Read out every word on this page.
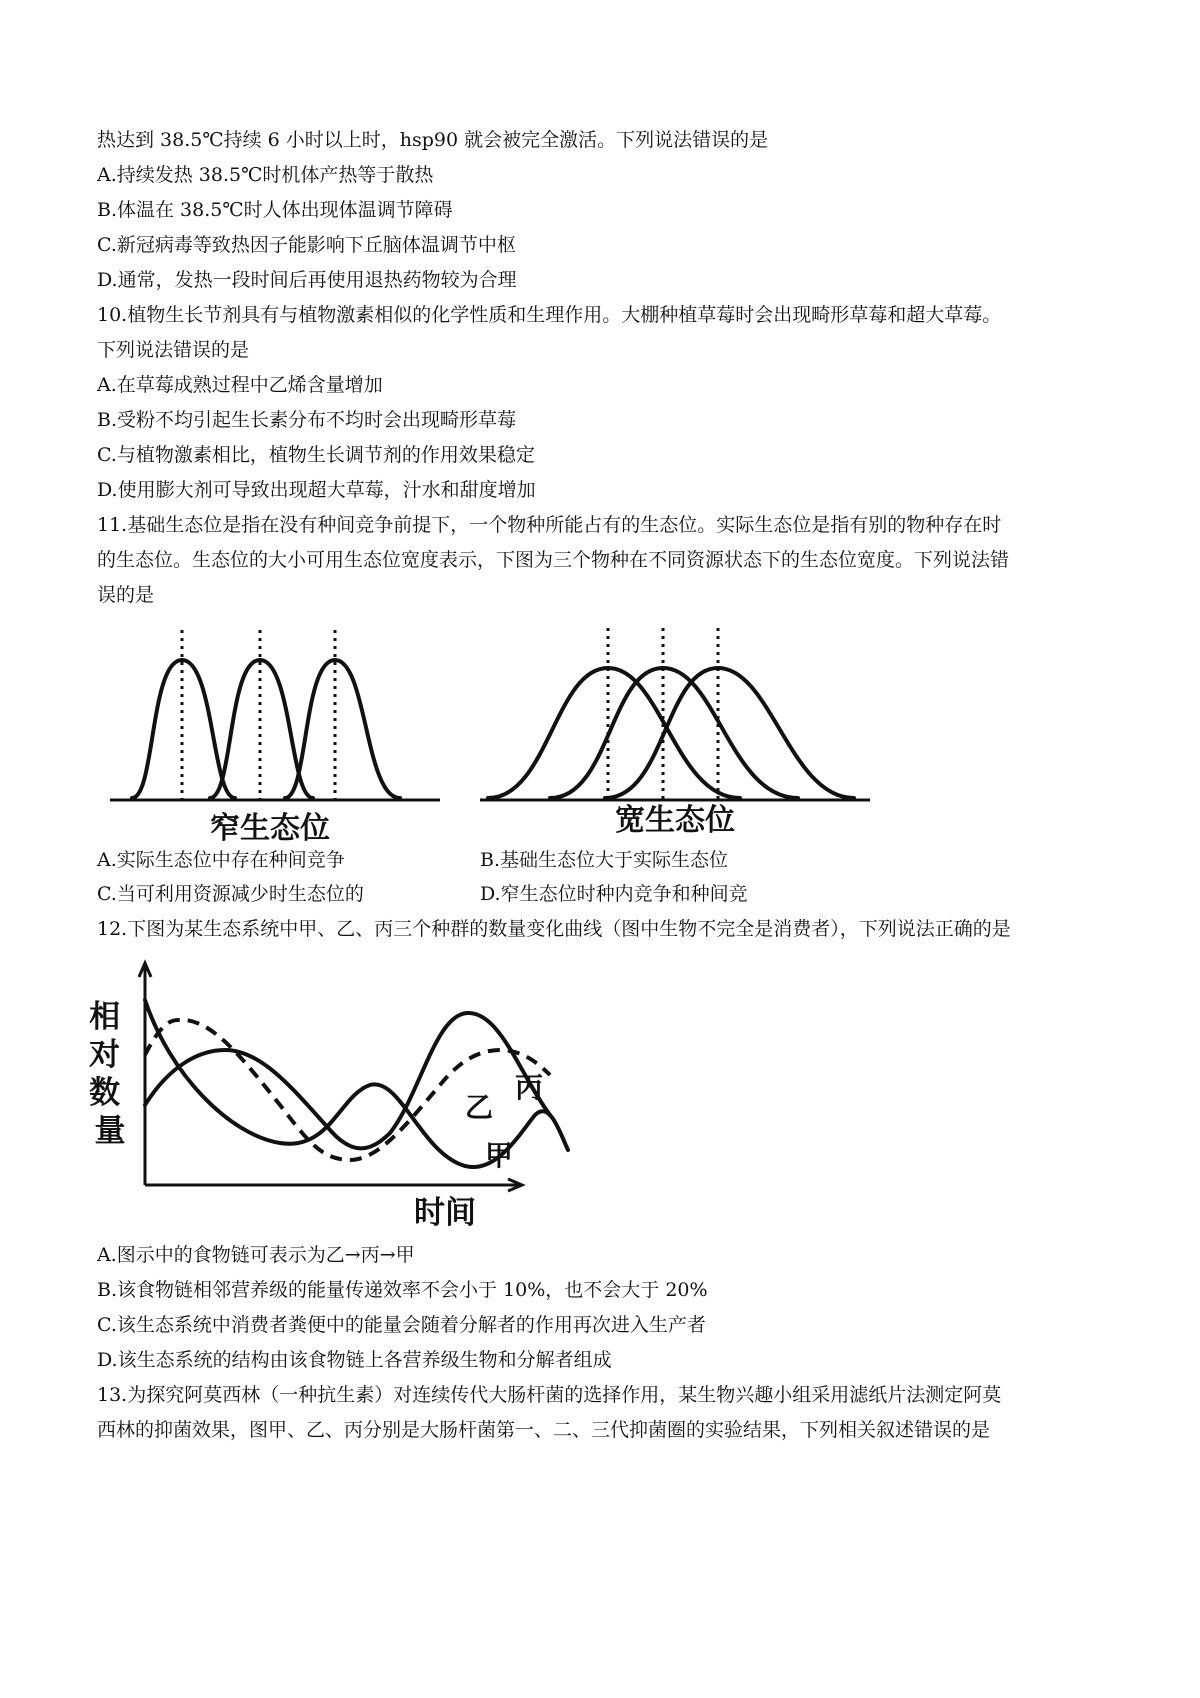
热达到 38.5℃持续 6 小时以上时，hsp90 就会被完全激活。下列说法错误的是
A.持续发热 38.5℃时机体产热等于散热
B.体温在 38.5℃时人体出现体温调节障碍
C.新冠病毒等致热因子能影响下丘脑体温调节中枢
D.通常，发热一段时间后再使用退热药物较为合理
10.植物生长节剂具有与植物激素相似的化学性质和生理作用。大棚种植草莓时会出现畸形草莓和超大草莓。
下列说法错误的是
A.在草莓成熟过程中乙烯含量增加
B.受粉不均引起生长素分布不均时会出现畸形草莓
C.与植物激素相比，植物生长调节剂的作用效果稳定
D.使用膨大剂可导致出现超大草莓，汁水和甜度增加
11.基础生态位是指在没有种间竞争前提下，一个物种所能占有的生态位。实际生态位是指有别的物种存在时
的生态位。生态位的大小可用生态位宽度表示，下图为三个物种在不同资源状态下的生态位宽度。下列说法错
误的是
窄生态位	宽生态位
A.实际生态位中存在种间竞争	B.基础生态位大于实际生态位
C.当可利用资源减少时生态位的	D.窄生态位时种内竞争和种间竞
12.下图为某生态系统中甲、乙、丙三个种群的数量变化曲线（图中生物不完全是消费者），下列说法正确的是
相 对 数 量
时间
丙
乙
甲
A.图示中的食物链可表示为乙→丙→甲
B.该食物链相邻营养级的能量传递效率不会小于 10%，也不会大于 20%
C.该生态系统中消费者粪便中的能量会随着分解者的作用再次进入生产者
D.该生态系统的结构由该食物链上各营养级生物和分解者组成
13.为探究阿莫西林（一种抗生素）对连续传代大肠杆菌的选择作用，某生物兴趣小组采用滤纸片法测定阿莫
西林的抑菌效果，图甲、乙、丙分别是大肠杆菌第一、二、三代抑菌圈的实验结果，下列相关叙述错误的是
